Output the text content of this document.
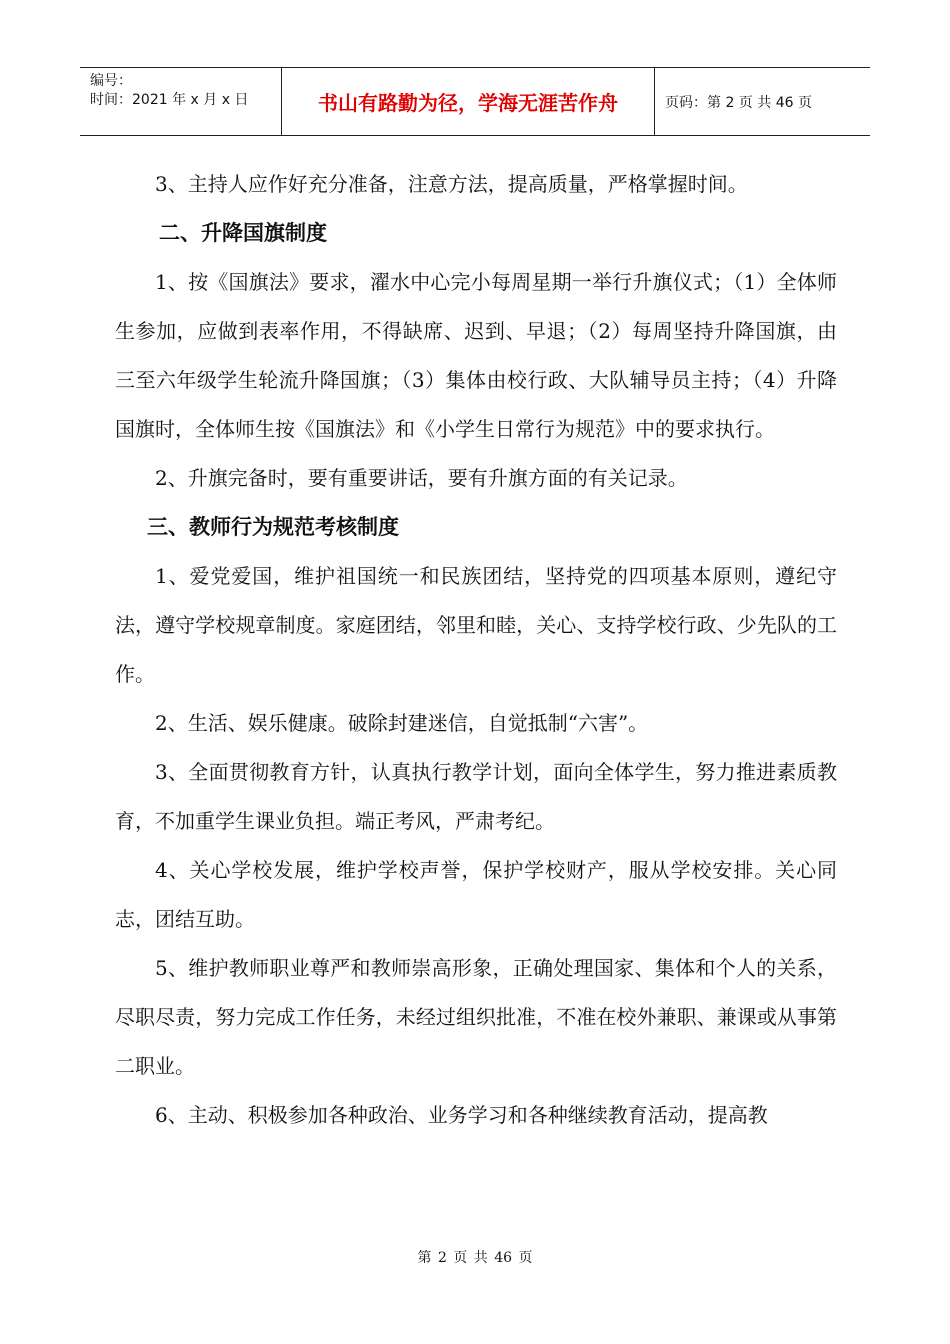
编号：
时间：2021 年 x 月 x 日	书山有路勤为径，学海无涯苦作舟	页码：第 2 页 共 46 页

3、主持人应作好充分准备，注意方法，提高质量，严格掌握时间。

二、升降国旗制度

1、按《国旗法》要求，濯水中心完小每周星期一举行升旗仪式；（1）全体师生参加，应做到表率作用，不得缺席、迟到、早退；（2）每周坚持升降国旗，由三至六年级学生轮流升降国旗；（3）集体由校行政、大队辅导员主持；（4）升降国旗时，全体师生按《国旗法》和《小学生日常行为规范》中的要求执行。

2、升旗完备时，要有重要讲话，要有升旗方面的有关记录。

三、教师行为规范考核制度

1、爱党爱国，维护祖国统一和民族团结，坚持党的四项基本原则，遵纪守法，遵守学校规章制度。家庭团结，邻里和睦，关心、支持学校行政、少先队的工作。

2、生活、娱乐健康。破除封建迷信，自觉抵制“六害”。

3、全面贯彻教育方针，认真执行教学计划，面向全体学生，努力推进素质教育，不加重学生课业负担。端正考风，严肃考纪。

4、关心学校发展，维护学校声誉，保护学校财产，服从学校安排。关心同志，团结互助。

5、维护教师职业尊严和教师崇高形象，正确处理国家、集体和个人的关系，尽职尽责，努力完成工作任务，未经过组织批准，不准在校外兼职、兼课或从事第二职业。

6、主动、积极参加各种政治、业务学习和各种继续教育活动，提高教

第 2 页 共 46 页
